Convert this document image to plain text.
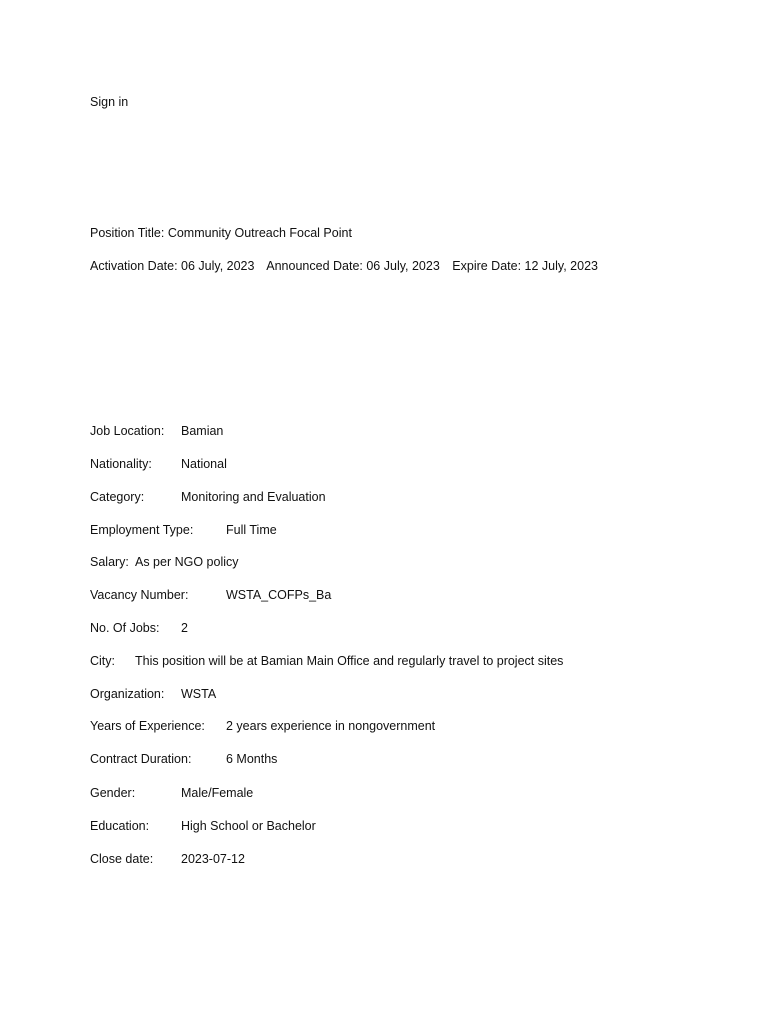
Sign in
Position Title: Community Outreach Focal Point
Activation Date: 06 July, 2023 Announced Date: 06 July, 2023 Expire Date: 12 July, 2023
Job Location: Bamian
Nationality: National
Category:	Monitoring and Evaluation
Employment Type:	Full Time
Salary: As per NGO policy
Vacancy Number:	WSTA_COFPs_Ba
No. Of Jobs: 2
City: This position will be at Bamian Main Office and regularly travel to project sites
Organization: WSTA
Years of Experience: 2 years experience in nongovernment
Contract Duration:	6 Months
Gender:	Male/Female
Education:	High School or Bachelor
Close date: 2023-07-12
